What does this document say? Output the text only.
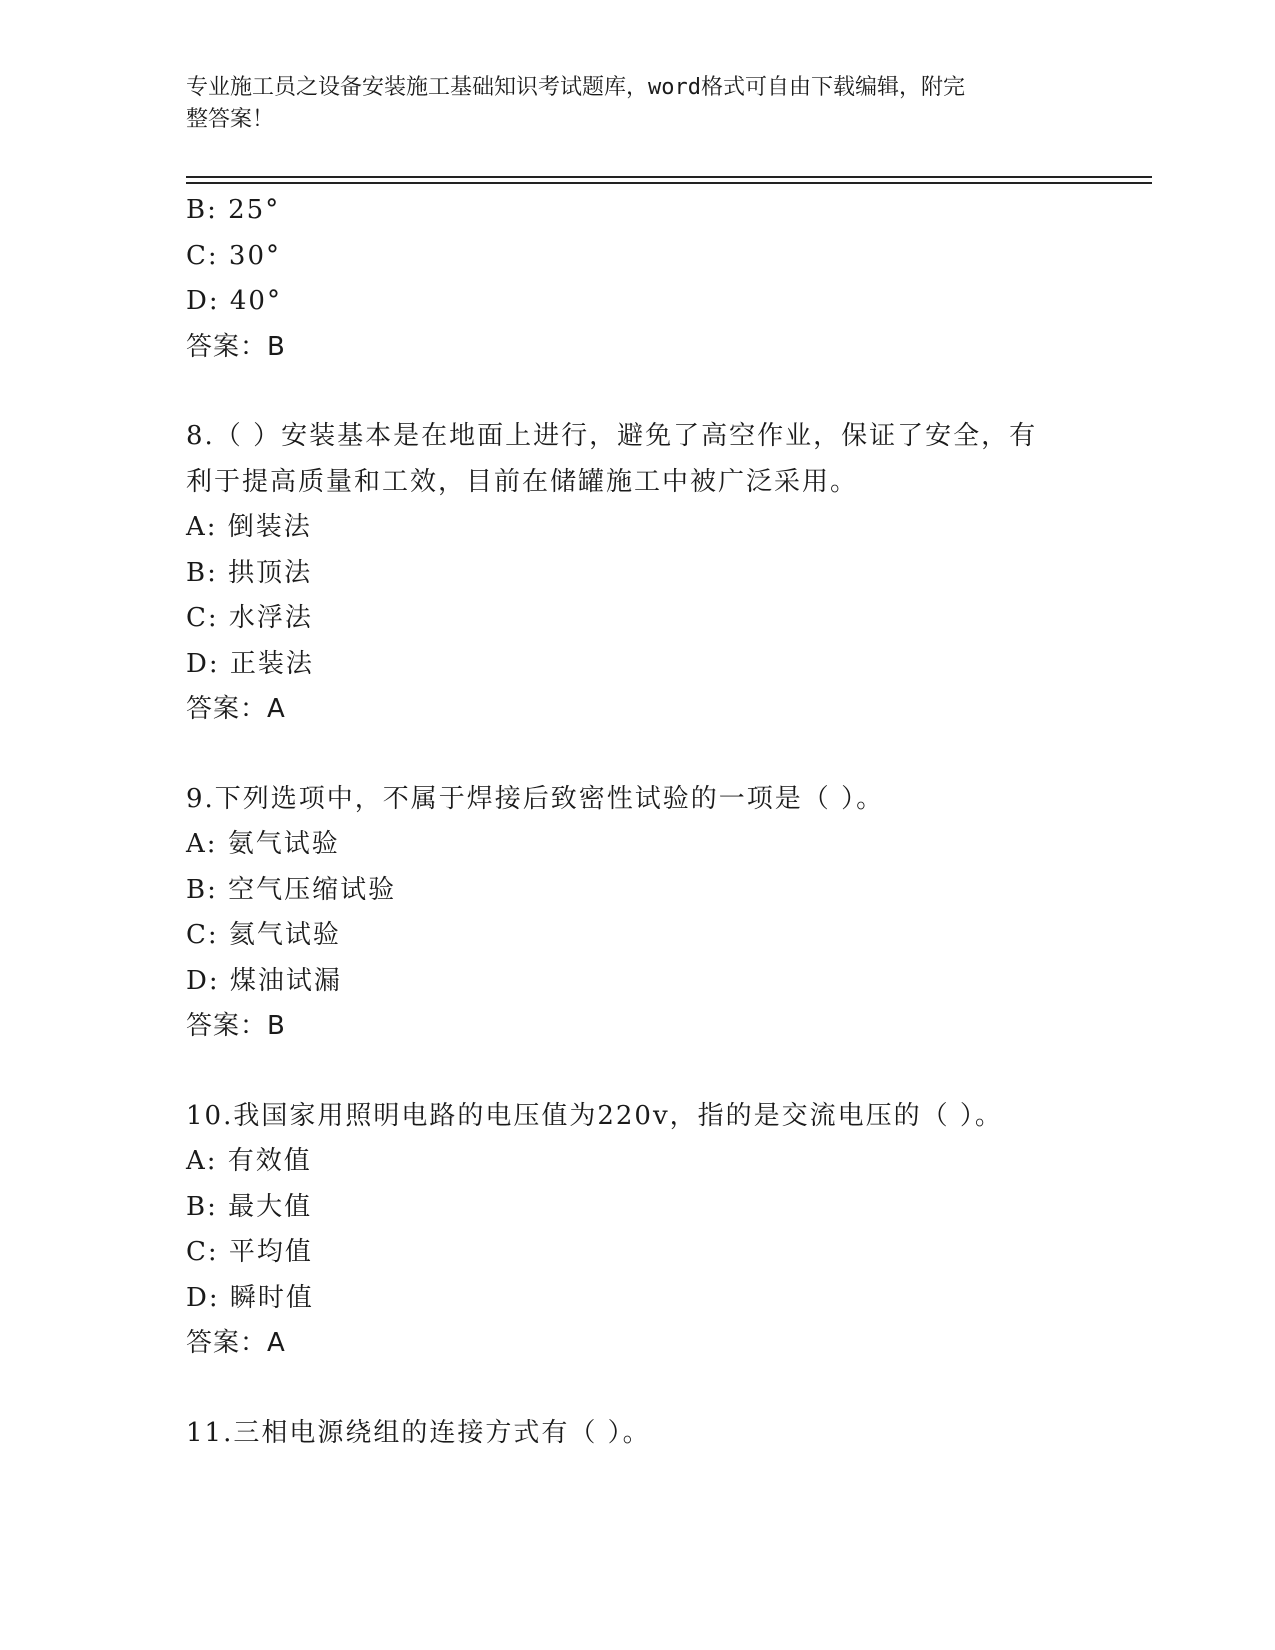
专业施工员之设备安装施工基础知识考试题库，word格式可自由下载编辑，附完
整答案！
B: 25°
C: 30°
D: 40°
答案：B
8.（ ）安装基本是在地面上进行，避免了高空作业，保证了安全，有
利于提高质量和工效，目前在储罐施工中被广泛采用。
A: 倒装法
B: 拱顶法
C: 水浮法
D: 正装法
答案：A
9.下列选项中，不属于焊接后致密性试验的一项是（ ）。
A: 氨气试验
B: 空气压缩试验
C: 氦气试验
D: 煤油试漏
答案：B
10.我国家用照明电路的电压值为220v，指的是交流电压的（ ）。
A: 有效值
B: 最大值
C: 平均值
D: 瞬时值
答案：A
11.三相电源绕组的连接方式有（ ）。
